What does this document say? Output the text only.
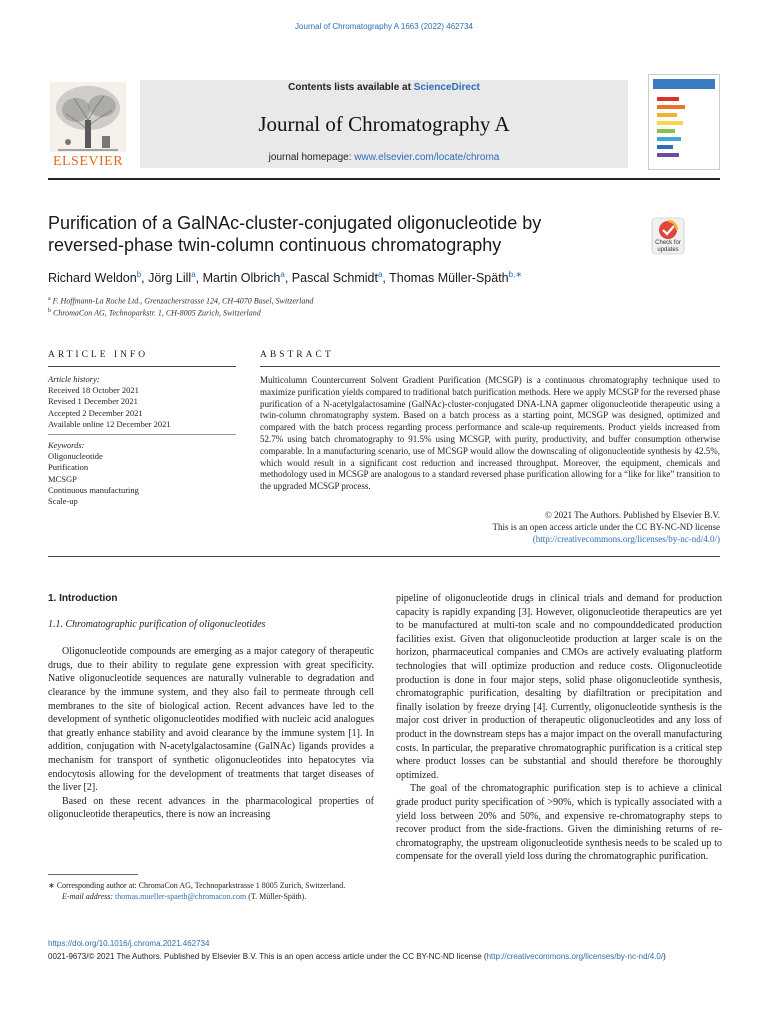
Journal of Chromatography A 1663 (2022) 462734
ELSEVIER
Contents lists available at ScienceDirect
Journal of Chromatography A
journal homepage: www.elsevier.com/locate/chroma
Purification of a GalNAc-cluster-conjugated oligonucleotide by
reversed-phase twin-column continuous chromatography	Check for
updates
Richard Weldon$^b$, Jörg Lill$^a$, Martin Olbrich$^a$, Pascal Schmidt$^a$, Thomas Müller-Späth$^{b,∗}$
$^a$ F. Hoffmann-La Roche Ltd., Grenzacherstrasse 124, CH-4070 Basel, Switzerland
$^b$ ChromaCon AG, Technoparkstr. 1, CH-8005 Zurich, Switzerland
ARTICLE INFO	ABSTRACT
Article history:
Received 18 October 2021
Revised 1 December 2021
Accepted 2 December 2021
Available online 12 December 2021
Keywords:
Oligonucleotide
Purification
MCSGP
Continuous manufacturing
Scale-up
Multicolumn Countercurrent Solvent Gradient Purification (MCSGP) is a continuous chromatography technique used to maximize purification yields compared to traditional batch purification methods. Here we apply MCSGP for the reversed phase purification of a N-acetylgalactosamine (GalNAc)-cluster-conjugated DNA-LNA gapmer oligonucleotide therapeutic using a twin-column chromatography system. Based on a batch process as a starting point, MCSGP was designed, optimized and compared with the batch process regarding process performance and scale-up requirements. Product yields increased from 52.7% using batch chromatography to 91.5% using MCSGP, with purity, productivity, and buffer consumption otherwise comparable. In a manufacturing scenario, use of MCSGP would allow the downscaling of oligonucleotide synthesis by 42.5%, which would result in a significant cost reduction and increased throughput. Moreover, the equipment, chemicals and methodology used in MCSGP are analogous to a standard reversed phase purification allowing for a “like for like” transition to the upgraded MCSGP process.
© 2021 The Authors. Published by Elsevier B.V.
This is an open access article under the CC BY-NC-ND license
(http://creativecommons.org/licenses/by-nc-nd/4.0/)
1. Introduction
1.1. Chromatographic purification of oligonucleotides

Oligonucleotide compounds are emerging as a major category of therapeutic drugs, due to their ability to regulate gene expression with great specificity. Native oligonucleotide sequences are naturally vulnerable to degradation and clearance by the immune system, and they also fail to permeate through cell membranes to the site of biological action. Recent advances have led to the development of synthetic oligonucleotides modified with nucleic acid analogues that greatly enhance stability and avoid clearance by the immune system [1]. In addition, conjugation with N-acetylgalactosamine (GalNAc) ligands provides a mechanism for transport of synthetic oligonucleotides into hepatocytes via endocytosis allowing for the development of treatments that target diseases of the liver [2].

Based on these recent advances in the pharmacological properties of oligonucleotide therapeutics, there is now an increasing

pipeline of oligonucleotide drugs in clinical trials and demand for production capacity is rapidly expanding [3]. However, oligonucleotide therapeutics are yet to be manufactured at multi-ton scale and no compounddedicated production facilities exist. Given that oligonucleotide production at larger scale is on the horizon, pharmaceutical companies and CMOs are actively evaluating platform technologies that will optimize production and reduce costs. Oligonucleotide production is done in four major steps, solid phase oligonucleotide synthesis, chromatographic purification, desalting by diafiltration or precipitation and finally isolation by freeze drying [4]. Currently, oligonucleotide synthesis is the major cost driver in production of therapeutic oligonucleotides and any loss of product in the downstream steps has a major impact on the overall manufacturing costs. In particular, the preparative chromatographic purification is a critical step where product losses can be substantial and should therefore be thoroughly optimized.

The goal of the chromatographic purification step is to achieve a clinical grade product purity specification of >90%, which is typically associated with a yield loss between 20% and 50%, and expensive re-chromatography steps to recover product from the side-fractions. Given the diminishing returns of re-chromatography, the upstream oligonucleotide synthesis needs to be scaled up to compensate for the overall yield loss during the chromatographic purification.

∗ Corresponding author at: ChromaCon AG, Technoparkstrasse 1 8005 Zurich, Switzerland.
E-mail address: thomas.mueller-spaeth@chromacon.com (T. Müller-Späth).
https://doi.org/10.1016/j.chroma.2021.462734
0021-9673/© 2021 The Authors. Published by Elsevier B.V. This is an open access article under the CC BY-NC-ND license (http://creativecommons.org/licenses/by-nc-nd/4.0/)
